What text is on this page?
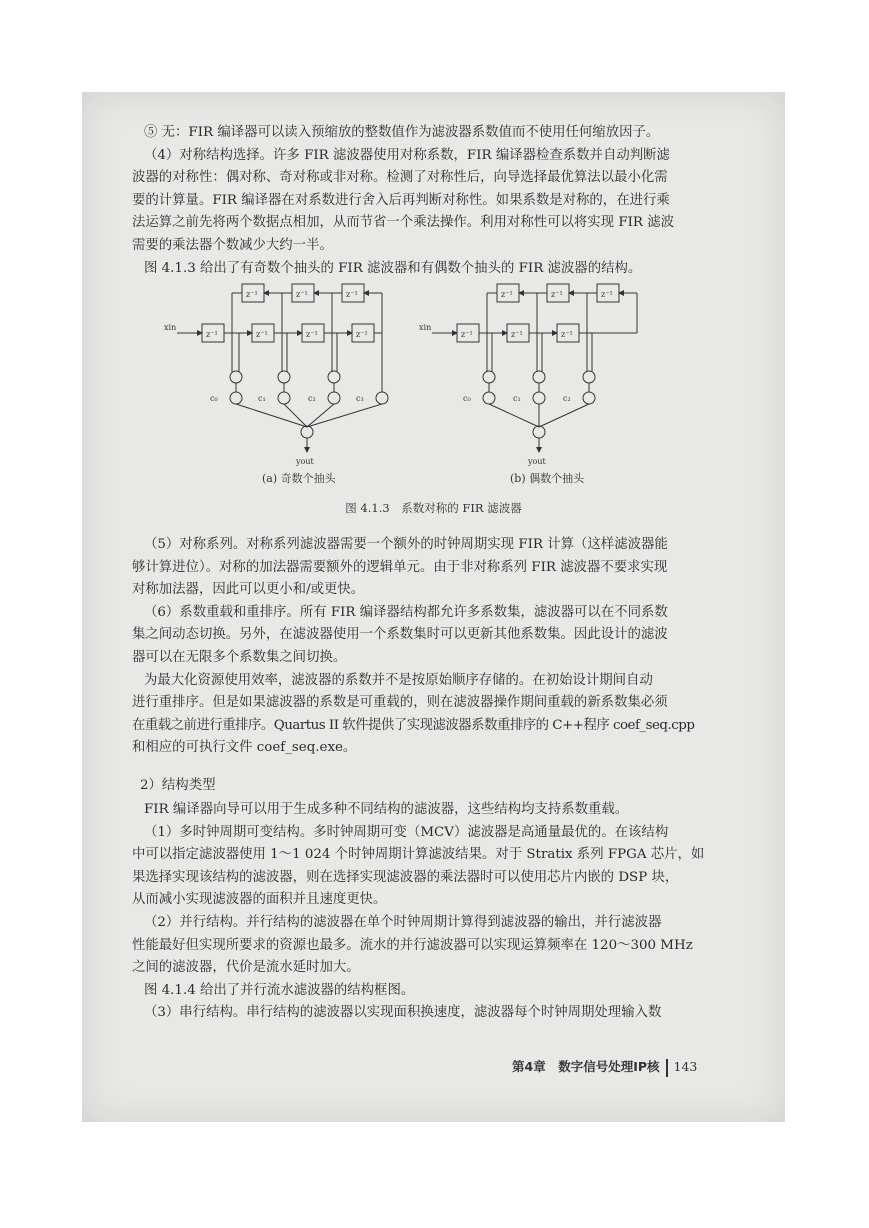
⑤ 无：FIR 编译器可以读入预缩放的整数值作为滤波器系数值而不使用任何缩放因子。
（4）对称结构选择。许多 FIR 滤波器使用对称系数，FIR 编译器检查系数并自动判断滤
波器的对称性：偶对称、奇对称或非对称。检测了对称性后，向导选择最优算法以最小化需
要的计算量。FIR 编译器在对系数进行舍入后再判断对称性。如果系数是对称的，在进行乘
法运算之前先将两个数据点相加，从而节省一个乘法操作。利用对称性可以将实现 FIR 滤波
需要的乘法器个数减少大约一半。
图 4.1.3 给出了有奇数个抽头的 FIR 滤波器和有偶数个抽头的 FIR 滤波器的结构。
z⁻¹	z⁻¹	z⁻¹
z⁻¹	z⁻¹	z⁻¹	z⁻¹
z⁻¹	z⁻¹	z⁻¹
z⁻¹	z⁻¹	z⁻¹
xin	xin
yout	yout
c₀	c₁	c₂	c₃	c₀	c₁	c₂
(a) 奇数个抽头	(b) 偶数个抽头
图 4.1.3　系数对称的 FIR 滤波器
（5）对称系列。对称系列滤波器需要一个额外的时钟周期实现 FIR 计算（这样滤波器能
够计算进位）。对称的加法器需要额外的逻辑单元。由于非对称系列 FIR 滤波器不要求实现
对称加法器，因此可以更小和/或更快。
（6）系数重载和重排序。所有 FIR 编译器结构都允许多系数集，滤波器可以在不同系数
集之间动态切换。另外，在滤波器使用一个系数集时可以更新其他系数集。因此设计的滤波
器可以在无限多个系数集之间切换。
为最大化资源使用效率，滤波器的系数并不是按原始顺序存储的。在初始设计期间自动
进行重排序。但是如果滤波器的系数是可重载的，则在滤波器操作期间重载的新系数集必须
在重载之前进行重排序。Quartus II 软件提供了实现滤波器系数重排序的 C++程序 coef_seq.cpp
和相应的可执行文件 coef_seq.exe。
2）结构类型
FIR 编译器向导可以用于生成多种不同结构的滤波器，这些结构均支持系数重载。
（1）多时钟周期可变结构。多时钟周期可变（MCV）滤波器是高通量最优的。在该结构
中可以指定滤波器使用 1～1 024 个时钟周期计算滤波结果。对于 Stratix 系列 FPGA 芯片，如
果选择实现该结构的滤波器，则在选择实现滤波器的乘法器时可以使用芯片内嵌的 DSP 块，
从而减小实现滤波器的面积并且速度更快。
（2）并行结构。并行结构的滤波器在单个时钟周期计算得到滤波器的输出，并行滤波器
性能最好但实现所要求的资源也最多。流水的并行滤波器可以实现运算频率在 120～300 MHz
之间的滤波器，代价是流水延时加大。
图 4.1.4 给出了并行流水滤波器的结构框图。
（3）串行结构。串行结构的滤波器以实现面积换速度，滤波器每个时钟周期处理输入数
第4章　数字信号处理IP核 143
